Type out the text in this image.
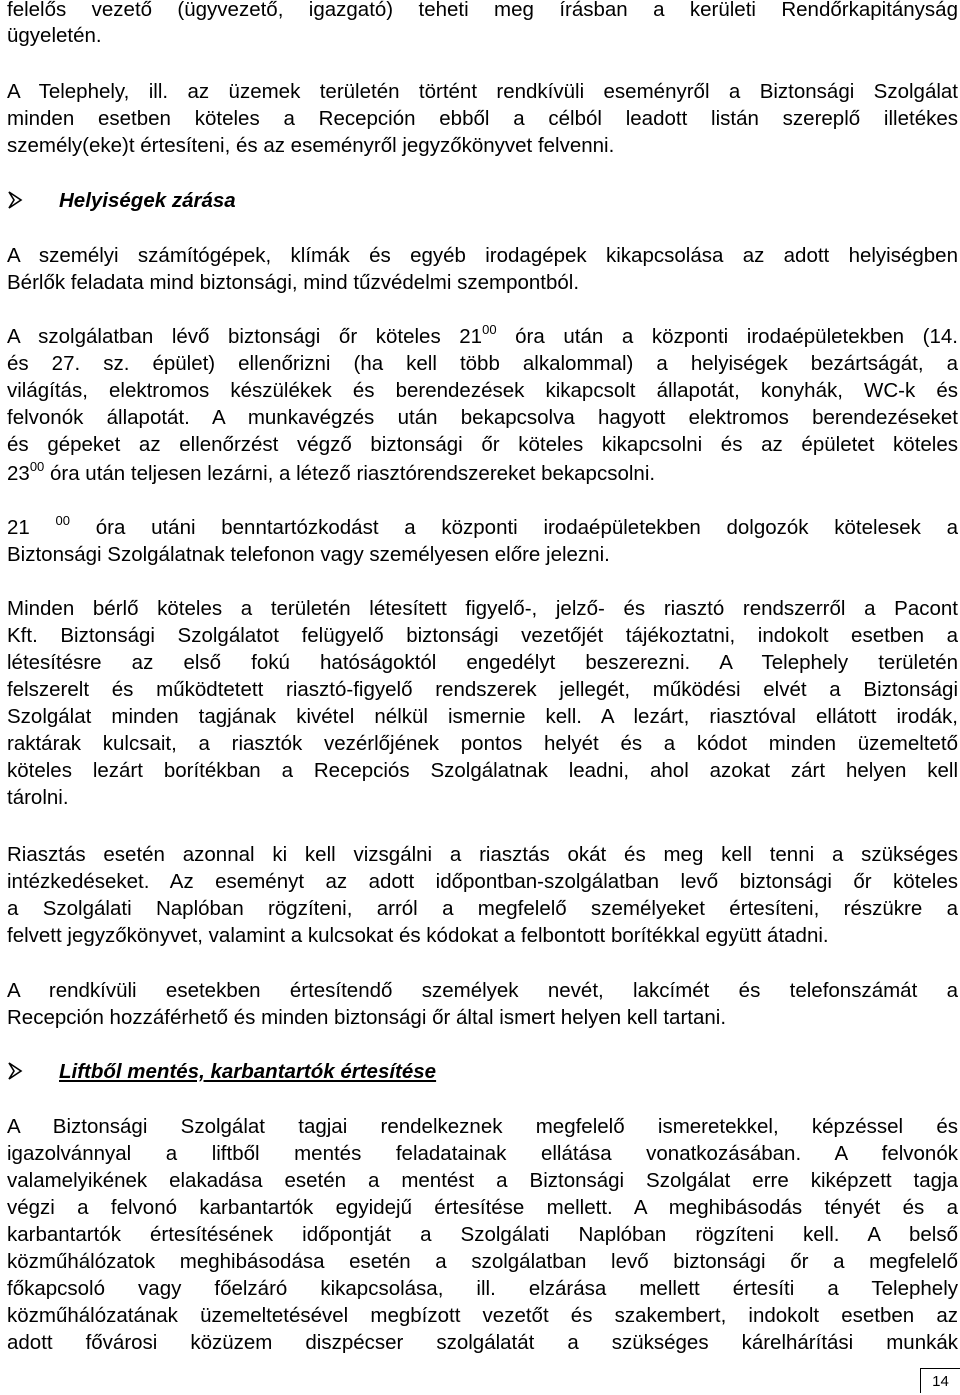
felelős vezető (ügyvezető, igazgató) teheti meg írásban a kerületi Rendőrkapitányság
ügyeletén.
A Telephely, ill. az üzemek területén történt rendkívüli eseményről a Biztonsági Szolgálat
minden esetben köteles a Recepción ebből a célból leadott listán szereplő illetékes
személy(eke)t értesíteni, és az eseményről jegyzőkönyvet felvenni.
Helyiségek zárása
A személyi számítógépek, klímák és egyéb irodagépek kikapcsolása az adott helyiségben
Bérlők feladata mind biztonsági, mind tűzvédelmi szempontból.
A szolgálatban lévő biztonsági őr köteles $21^{00}$ óra után a központi irodaépületekben (14.
és 27. sz. épület) ellenőrizni (ha kell több alkalommal) a helyiségek bezártságát, a
világítás, elektromos készülékek és berendezések kikapcsolt állapotát, konyhák, WC-k és
felvonók állapotát. A munkavégzés után bekapcsolva hagyott elektromos berendezéseket
és gépeket az ellenőrzést végző biztonsági őr köteles kikapcsolni és az épületet köteles
$23^{00}$ óra után teljesen lezárni, a létező riasztórendszereket bekapcsolni.
21 $^{00}$ óra utáni benntartózkodást a központi irodaépületekben dolgozók kötelesek a
Biztonsági Szolgálatnak telefonon vagy személyesen előre jelezni.
Minden bérlő köteles a területén létesített figyelő-, jelző- és riasztó rendszerről a Pacont
Kft. Biztonsági Szolgálatot felügyelő biztonsági vezetőjét tájékoztatni, indokolt esetben a
létesítésre az első fokú hatóságoktól engedélyt beszerezni. A Telephely területén
felszerelt és működtetett riasztó-figyelő rendszerek jellegét, működési elvét a Biztonsági
Szolgálat minden tagjának kivétel nélkül ismernie kell. A lezárt, riasztóval ellátott irodák,
raktárak kulcsait, a riasztók vezérlőjének pontos helyét és a kódot minden üzemeltető
köteles lezárt borítékban a Recepciós Szolgálatnak leadni, ahol azokat zárt helyen kell
tárolni.
Riasztás esetén azonnal ki kell vizsgálni a riasztás okát és meg kell tenni a szükséges
intézkedéseket. Az eseményt az adott időpontban-szolgálatban levő biztonsági őr köteles
a Szolgálati Naplóban rögzíteni, arról a megfelelő személyeket értesíteni, részükre a
felvett jegyzőkönyvet, valamint a kulcsokat és kódokat a felbontott borítékkal együtt átadni.
A rendkívüli esetekben értesítendő személyek nevét, lakcímét és telefonszámát a
Recepción hozzáférhető és minden biztonsági őr által ismert helyen kell tartani.
Liftből mentés, karbantartók értesítése
A Biztonsági Szolgálat tagjai rendelkeznek megfelelő ismeretekkel, képzéssel és
igazolvánnyal a liftből mentés feladatainak ellátása vonatkozásában. A felvonók
valamelyikének elakadása esetén a mentést a Biztonsági Szolgálat erre kiképzett tagja
végzi a felvonó karbantartók egyidejű értesítése mellett. A meghibásodás tényét és a
karbantartók értesítésének időpontját a Szolgálati Naplóban rögzíteni kell. A belső
közműhálózatok meghibásodása esetén a szolgálatban levő biztonsági őr a megfelelő
főkapcsoló vagy főelzáró kikapcsolása, ill. elzárása mellett értesíti a Telephely
közműhálózatának üzemeltetésével megbízott vezetőt és szakembert, indokolt esetben az
adott fővárosi közüzem diszpécser szolgálatát a szükséges kárelhárítási munkák
14
